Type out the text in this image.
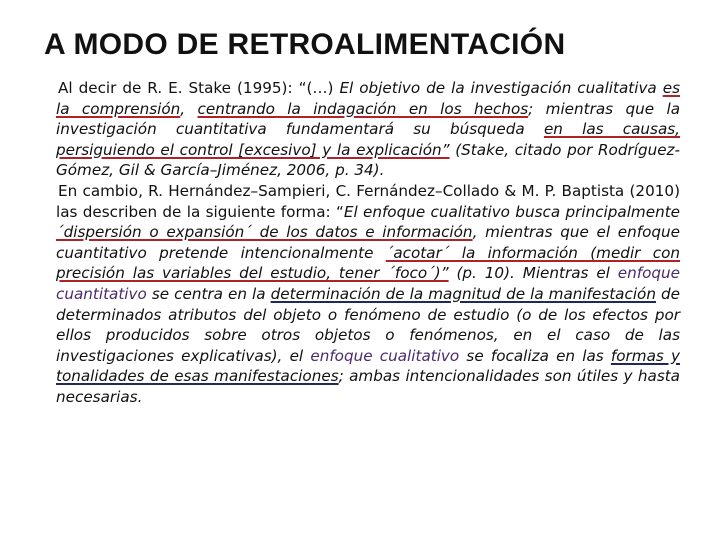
A MODO DE RETROALIMENTACIÓN

Al decir de R. E. Stake (1995): “(…) El objetivo de la investigación cualitativa es la comprensión, centrando la indagación en los hechos; mientras que la investigación cuantitativa fundamentará su búsqueda en las causas, persiguiendo el control [excesivo] y la explicación” (Stake, citado por Rodríguez-Gómez, Gil & García–Jiménez, 2006, p. 34).

En cambio, R. Hernández–Sampieri, C. Fernández–Collado & M. P. Baptista (2010) las describen de la siguiente forma: “El enfoque cualitativo busca principalmente ´dispersión o expansión´ de los datos e información, mientras que el enfoque cuantitativo pretende intencionalmente ´acotar´ la información (medir con precisión las variables del estudio, tener ´foco´)” (p. 10). Mientras el enfoque cuantitativo se centra en la determinación de la magnitud de la manifestación de determinados atributos del objeto o fenómeno de estudio (o de los efectos por ellos producidos sobre otros objetos o fenómenos, en el caso de las investigaciones explicativas), el enfoque cualitativo se focaliza en las formas y tonalidades de esas manifestaciones; ambas intencionalidades son útiles y hasta necesarias.
